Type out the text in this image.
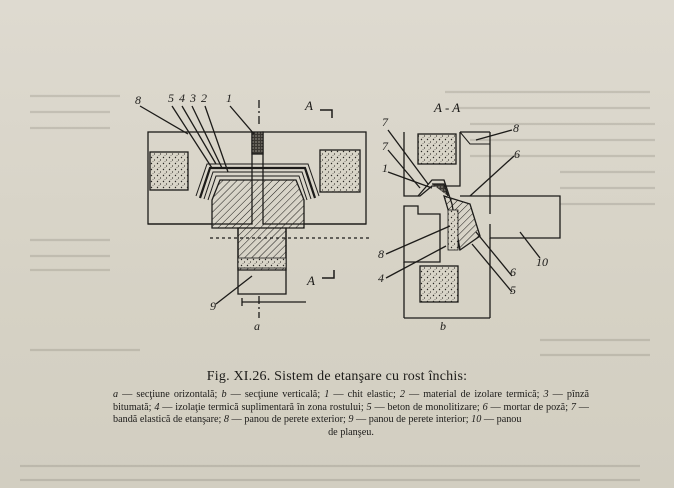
8 5 4 3 2 1	A
A
9
a
A - A
7
7
1
8
4
8
6
10
6
5
b
Fig. XI.26. Sistem de etanşare cu rost închis:
a — secţiune orizontală; b — secţiune verticală; 1 — chit elastic; 2 — material de izolare termică; 3 — pînză bitumată; 4 — izolaţie termică suplimentară în zona rostului; 5 — beton de monolitizare; 6 — mortar de poză; 7 — bandă elastică de etanşare; 8 — panou de perete exterior; 9 — panou de perete interior; 10 — panou
de planşeu.
